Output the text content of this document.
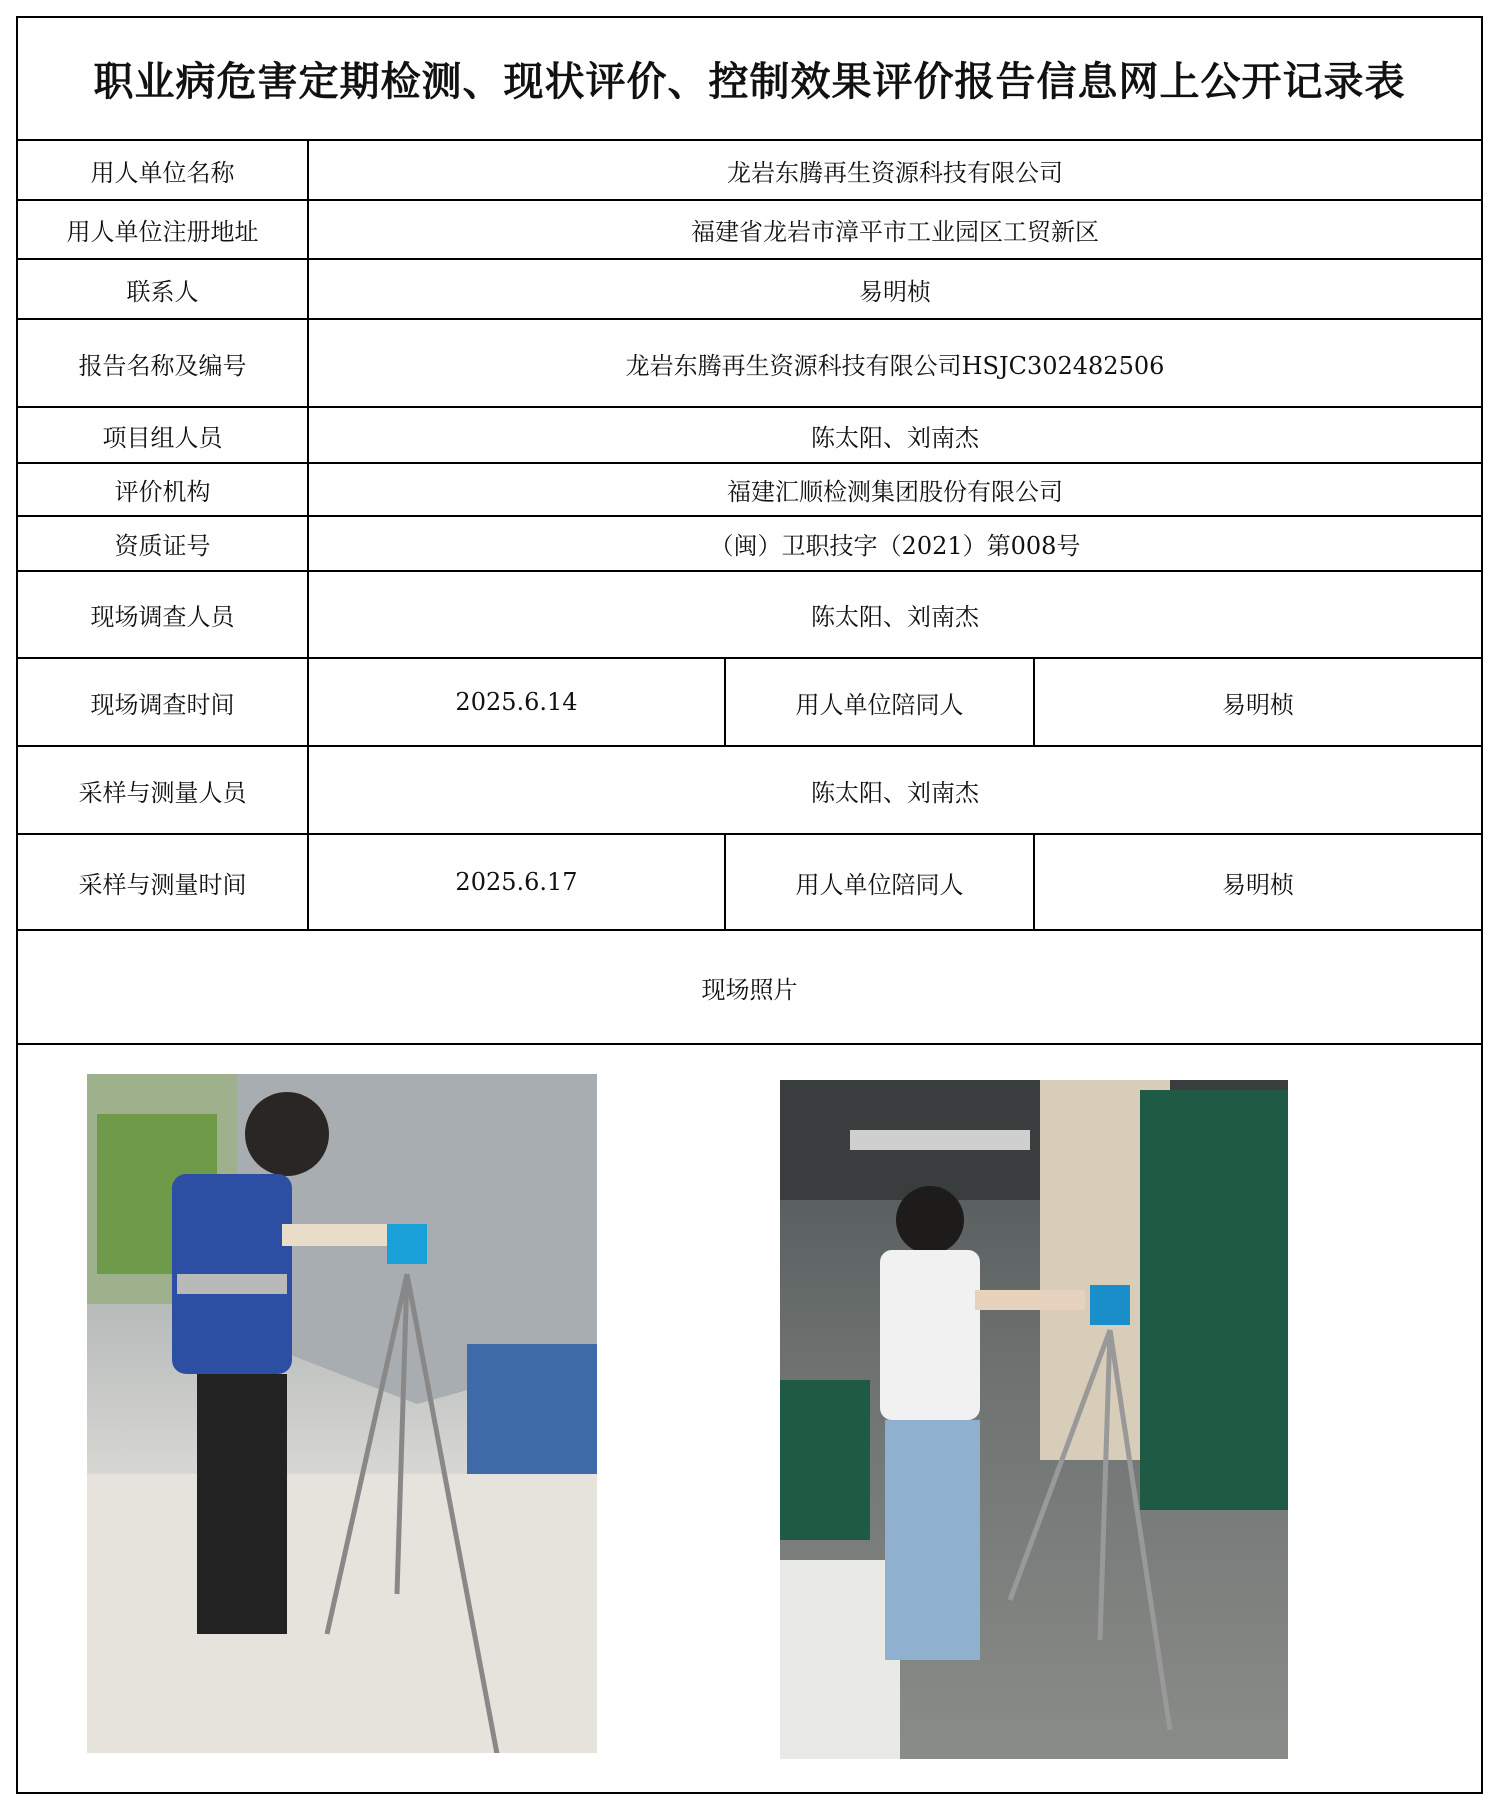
职业病危害定期检测、现状评价、控制效果评价报告信息网上公开记录表
用人单位名称	龙岩东腾再生资源科技有限公司
用人单位注册地址	福建省龙岩市漳平市工业园区工贸新区
联系人	易明桢
报告名称及编号	龙岩东腾再生资源科技有限公司HSJC302482506
项目组人员	陈太阳、刘南杰
评价机构	福建汇顺检测集团股份有限公司
资质证号	（闽）卫职技字（2021）第008号
现场调查人员	陈太阳、刘南杰
现场调查时间	2025.6.14	用人单位陪同人	易明桢
采样与测量人员	陈太阳、刘南杰
采样与测量时间	2025.6.17	用人单位陪同人	易明桢
现场照片
